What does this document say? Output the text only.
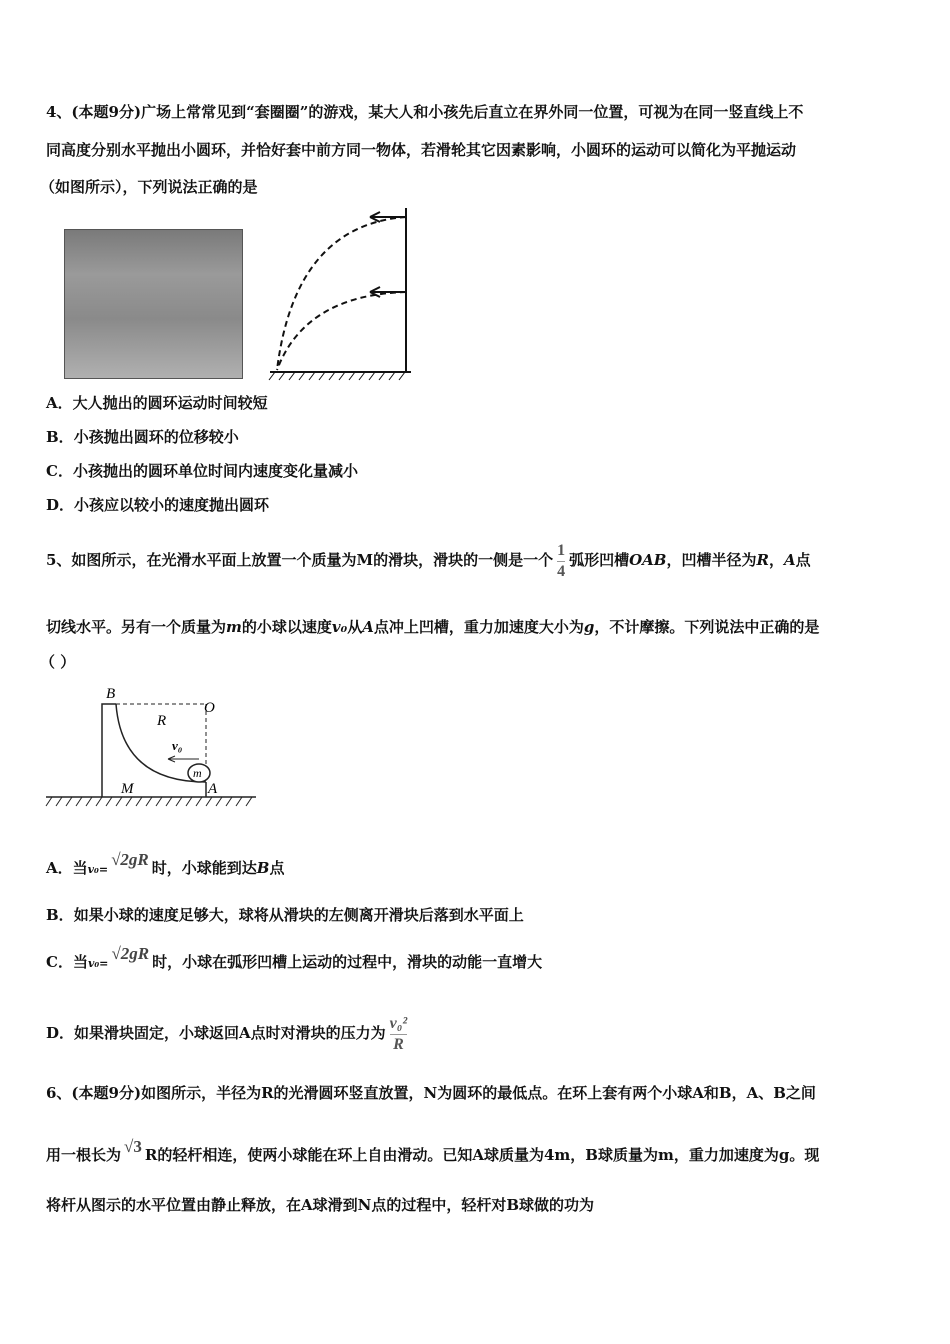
4、(本题9分)广场上常常见到“套圈圈”的游戏，某大人和小孩先后直立在界外同一位置，可视为在同一竖直线上不
同高度分别水平抛出小圆环，并恰好套中前方同一物体，若滑轮其它因素影响，小圆环的运动可以简化为平抛运动
（如图所示），下列说法正确的是
A．大人抛出的圆环运动时间较短
B．小孩抛出圆环的位移较小
C．小孩抛出的圆环单位时间内速度变化量减小
D．小孩应以较小的速度抛出圆环
5、如图所示，在光滑水平面上放置一个质量为M的滑块，滑块的一侧是一个 $\frac{1}{4}$ 弧形凹槽OAB，凹槽半径为R，A点
切线水平。另有一个质量为m的小球以速度v₀从A点冲上凹槽，重力加速度大小为g，不计摩擦。下列说法中正确的是
（ ）
B
O
R
v₀
m
M	A
A．当v₀=√2gR 时，小球能到达B点
B．如果小球的速度足够大，球将从滑块的左侧离开滑块后落到水平面上
C．当v₀=√2gR 时，小球在弧形凹槽上运动的过程中，滑块的动能一直增大
D．如果滑块固定，小球返回A点时对滑块的压力为 $\frac{\text{v₀²}}{R}$
6、(本题9分)如图所示，半径为R的光滑圆环竖直放置，N为圆环的最低点。在环上套有两个小球A和B，A、B之间
用一根长为 √3 R的轻杆相连，使两小球能在环上自由滑动。已知A球质量为4m，B球质量为m，重力加速度为g。现
将杆从图示的水平位置由静止释放，在A球滑到N点的过程中，轻杆对B球做的功为
